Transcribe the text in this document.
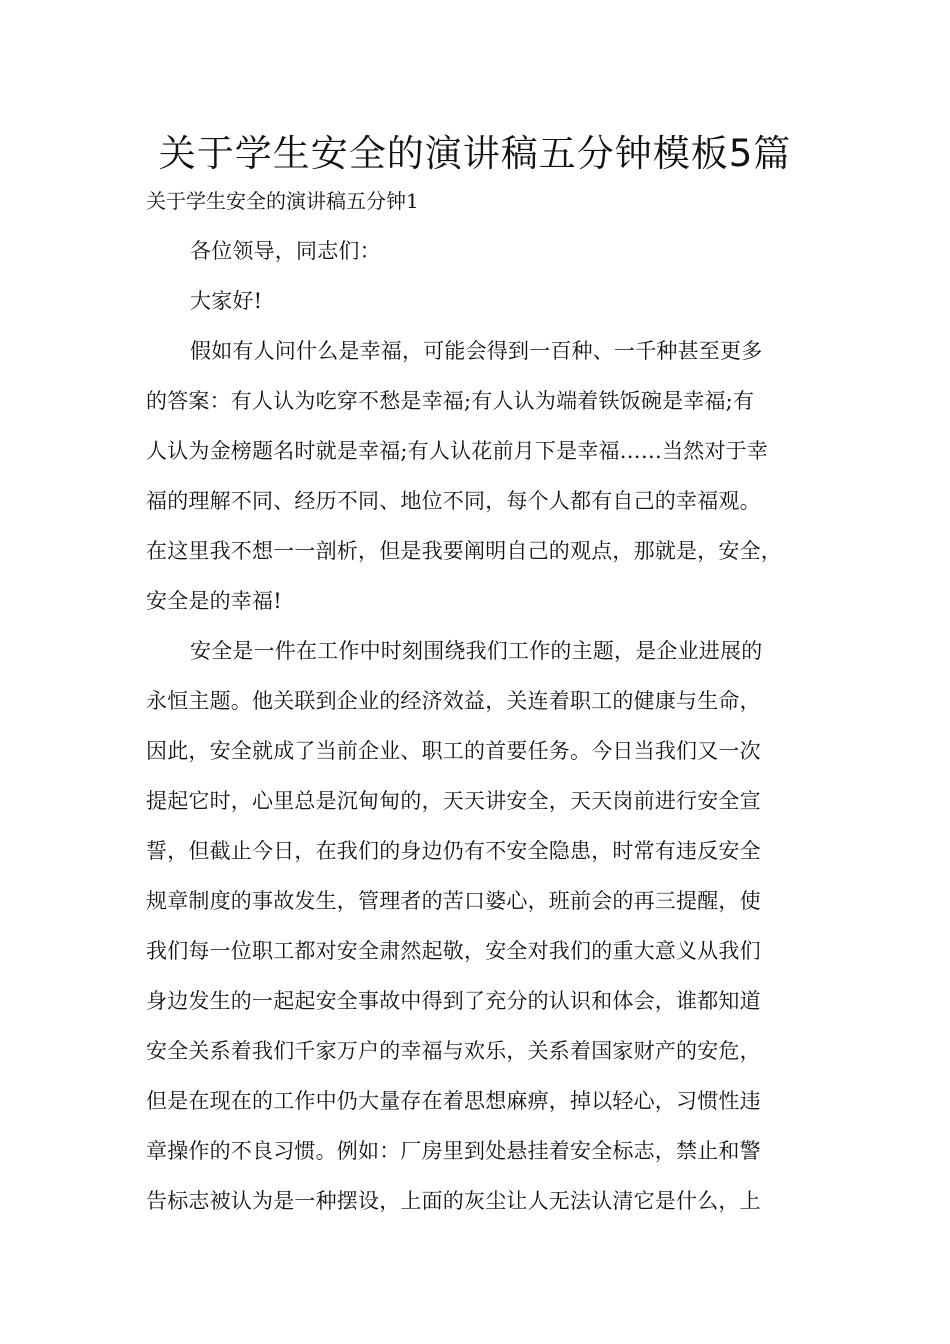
关于学生安全的演讲稿五分钟模板5篇

关于学生安全的演讲稿五分钟1

各位领导，同志们：
大家好!
假如有人问什么是幸福，可能会得到一百种、一千种甚至更多
的答案：有人认为吃穿不愁是幸福;有人认为端着铁饭碗是幸福;有
人认为金榜题名时就是幸福;有人认花前月下是幸福……当然对于幸
福的理解不同、经历不同、地位不同，每个人都有自己的幸福观。
在这里我不想一一剖析，但是我要阐明自己的观点，那就是，安全，
安全是的幸福!
安全是一件在工作中时刻围绕我们工作的主题，是企业进展的
永恒主题。他关联到企业的经济效益，关连着职工的健康与生命，
因此，安全就成了当前企业、职工的首要任务。今日当我们又一次
提起它时，心里总是沉甸甸的，天天讲安全，天天岗前进行安全宣
誓，但截止今日，在我们的身边仍有不安全隐患，时常有违反安全
规章制度的事故发生，管理者的苦口婆心，班前会的再三提醒，使
我们每一位职工都对安全肃然起敬，安全对我们的重大意义从我们
身边发生的一起起安全事故中得到了充分的认识和体会，谁都知道
安全关系着我们千家万户的幸福与欢乐，关系着国家财产的安危，
但是在现在的工作中仍大量存在着思想麻痹，掉以轻心，习惯性违
章操作的不良习惯。例如：厂房里到处悬挂着安全标志，禁止和警
告标志被认为是一种摆设，上面的灰尘让人无法认清它是什么，上
